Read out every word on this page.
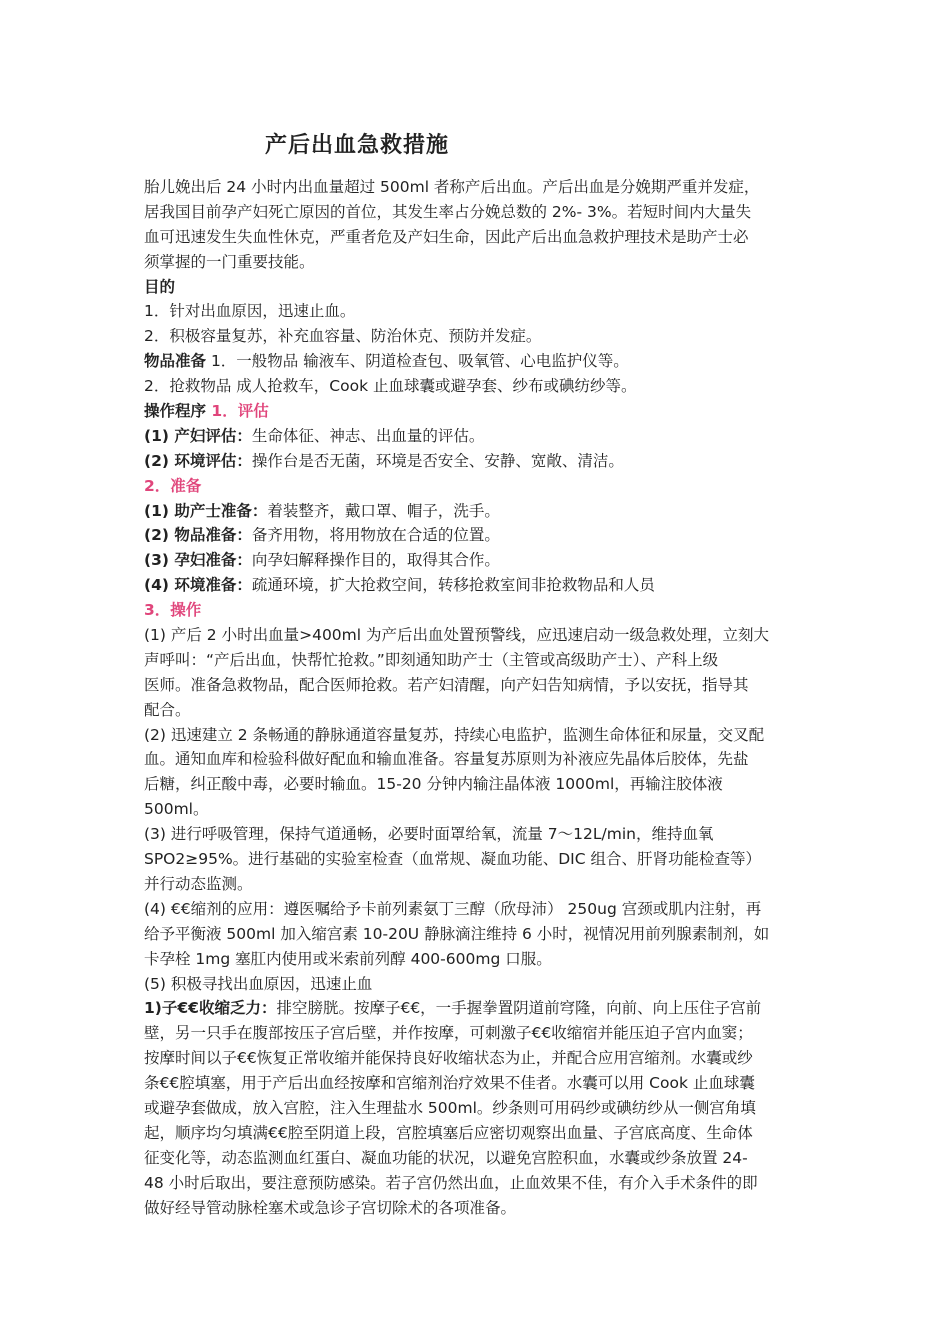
产后出血急救措施
胎儿娩出后 24 小时内出血量超过 500ml 者称产后出血。产后出血是分娩期严重并发症，
居我国目前孕产妇死亡原因的首位，其发生率占分娩总数的 2%- 3%。若短时间内大量失
血可迅速发生失血性休克，严重者危及产妇生命，因此产后出血急救护理技术是助产士必
须掌握的一门重要技能。
目的
1．针对出血原因，迅速止血。
2．积极容量复苏，补充血容量、防治休克、预防并发症。
物品准备 1．一般物品 输液车、阴道检查包、吸氧管、心电监护仪等。
2．抢救物品 成人抢救车，Cook 止血球囊或避孕套、纱布或碘纺纱等。
操作程序 1．评估
(1) 产妇评估：生命体征、神志、出血量的评估。
(2) 环境评估：操作台是否无菌，环境是否安全、安静、宽敞、清洁。
2．准备
(1) 助产士准备：着装整齐，戴口罩、帽子，洗手。
(2) 物品准备：备齐用物，将用物放在合适的位置。
(3) 孕妇准备：向孕妇解释操作目的，取得其合作。
(4) 环境准备：疏通环境，扩大抢救空间，转移抢救室间非抢救物品和人员
3．操作
(1) 产后 2 小时出血量>400ml 为产后出血处置预警线，应迅速启动一级急救处理，立刻大
声呼叫：“产后出血，快帮忙抢救。”即刻通知助产士（主管或高级助产士）、产科上级
医师。准备急救物品，配合医师抢救。若产妇清醒，向产妇告知病情，予以安抚，指导其
配合。
(2) 迅速建立 2 条畅通的静脉通道容量复苏，持续心电监护，监测生命体征和尿量，交叉配
血。通知血库和检验科做好配血和输血准备。容量复苏原则为补液应先晶体后胶体，先盐
后糖，纠正酸中毒，必要时输血。15-20 分钟内输注晶体液 1000ml，再输注胶体液
500ml。
(3) 进行呼吸管理，保持气道通畅，必要时面罩给氧，流量 7～12L/min，维持血氧
SPO2≥95%。进行基础的实验室检查（血常规、凝血功能、DIC 组合、肝肾功能检查等）
并行动态监测。
(4) €€缩剂的应用：遵医嘱给予卡前列素氨丁三醇（欣母沛） 250ug 宫颈或肌内注射，再
给予平衡液 500ml 加入缩宫素 10-20U 静脉滴注维持 6 小时，视情况用前列腺素制剂，如
卡孕栓 1mg 塞肛内使用或米索前列醇 400-600mg 口服。
(5) 积极寻找出血原因，迅速止血
1)子€€收缩乏力：排空膀胱。按摩子€€，一手握拳置阴道前穹隆，向前、向上压住子宫前
壁，另一只手在腹部按压子宫后壁，并作按摩，可刺激子€€收缩宿并能压迫子宫内血窦；
按摩时间以子€€恢复正常收缩并能保持良好收缩状态为止，并配合应用宫缩剂。水囊或纱
条€€腔填塞，用于产后出血经按摩和宫缩剂治疗效果不佳者。水囊可以用 Cook 止血球囊
或避孕套做成，放入宫腔，注入生理盐水 500ml。纱条则可用码纱或碘纺纱从一侧宫角填
起，顺序均匀填满€€腔至阴道上段，宫腔填塞后应密切观察出血量、子宫底高度、生命体
征变化等，动态监测血红蛋白、凝血功能的状况，以避免宫腔积血，水囊或纱条放置 24-
48 小时后取出，要注意预防感染。若子宫仍然出血，止血效果不佳，有介入手术条件的即
做好经导管动脉栓塞术或急诊子宫切除术的各项准备。
